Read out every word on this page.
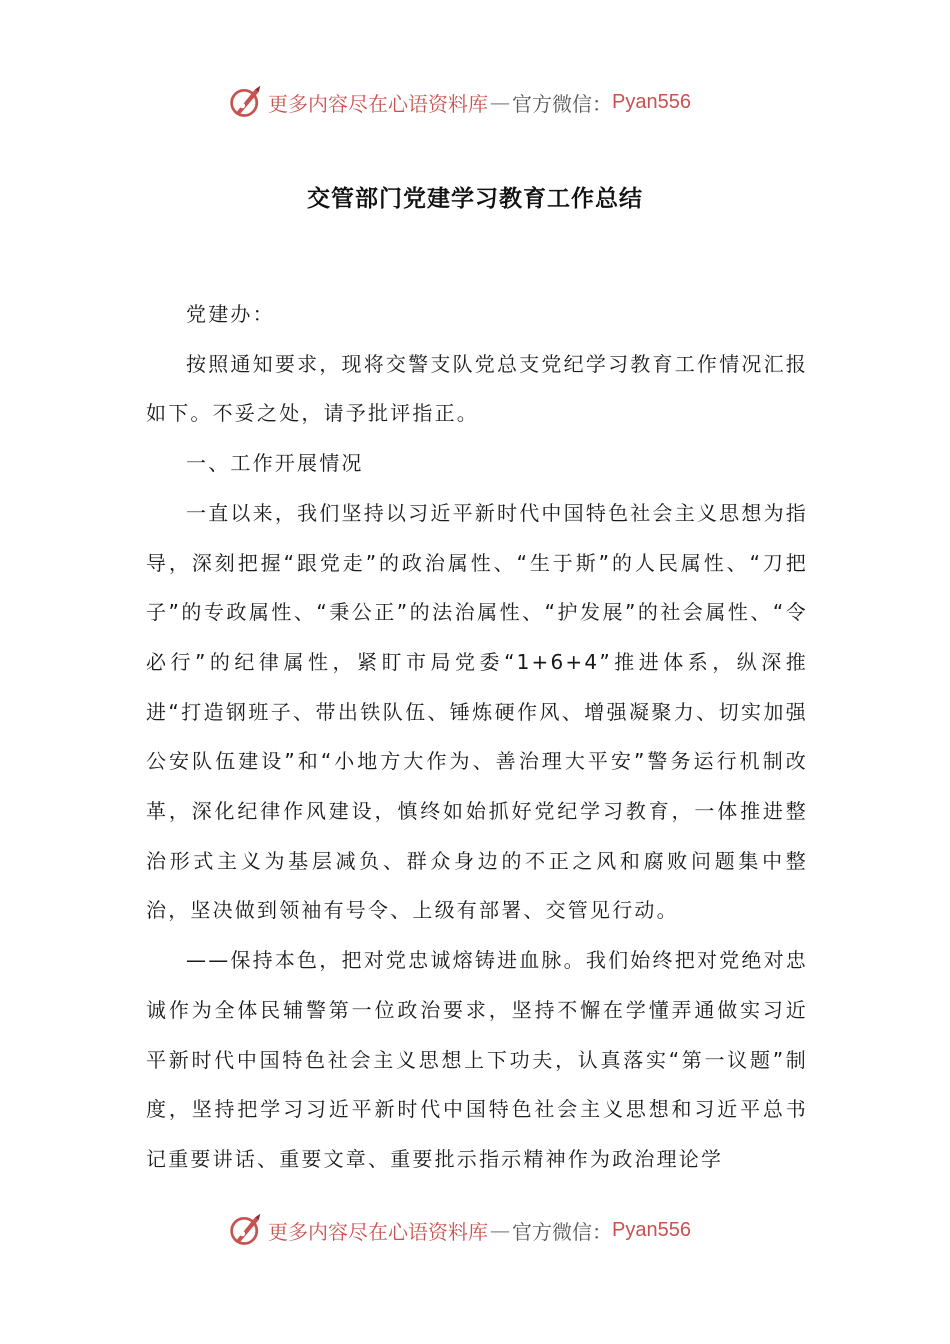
更多内容尽在心语资料库 — 官方微信： Pyan556
交管部门党建学习教育工作总结

党建办：

按照通知要求，现将交警支队党总支党纪学习教育工作情况汇报如下。不妥之处，请予批评指正。

一、工作开展情况

一直以来，我们坚持以习近平新时代中国特色社会主义思想为指导，深刻把握“跟党走”的政治属性、“生于斯”的人民属性、“刀把子”的专政属性、“秉公正”的法治属性、“护发展”的社会属性、“令必行”的纪律属性，紧盯市局党委“1+6+4”推进体系，纵深推进“打造钢班子、带出铁队伍、锤炼硬作风、增强凝聚力、切实加强公安队伍建设”和“小地方大作为、善治理大平安”警务运行机制改革，深化纪律作风建设，慎终如始抓好党纪学习教育，一体推进整治形式主义为基层减负、群众身边的不正之风和腐败问题集中整治，坚决做到领袖有号令、上级有部署、交管见行动。

——保持本色，把对党忠诚熔铸进血脉。我们始终把对党绝对忠诚作为全体民辅警第一位政治要求，坚持不懈在学懂弄通做实习近平新时代中国特色社会主义思想上下功夫，认真落实“第一议题”制度，坚持把学习习近平新时代中国特色社会主义思想和习近平总书记重要讲话、重要文章、重要批示指示精神作为政治理论学

更多内容尽在心语资料库 — 官方微信： Pyan556
